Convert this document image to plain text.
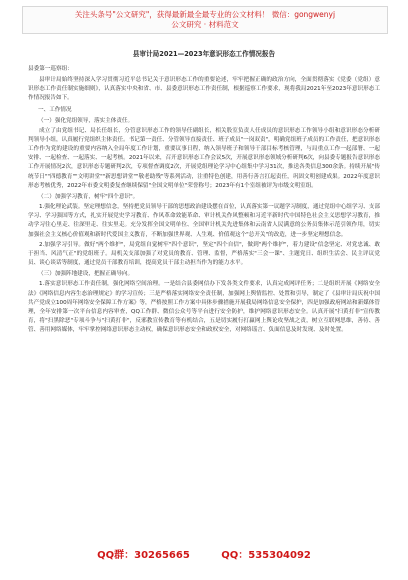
关注头条号"公文研究"，获得最新最全最专业的公文材料！ 微信：gongwenyj
公文研究 · 材料范文
县审计局2021—2023年意识形态工作情况报告
县委第一巡察组：
县审计局始终坚持深入学习贯彻习近平总书记关于意识形态工作的重要论述，牢牢把握正确的政治方向，全面贯彻落实《党委（党组）意识形态工作责任制实施细则》，认真落实中央和省、市、县委意识形态工作责任制，根据巡察工作要求，现将我局2021年至2023年意识形态工作情况报告如下。
一、工作情况
（一）强化党组领导，落实主体责任。
成立了由党组书记、局长任组长，分管意识形态工作的领导任副组长，相关股室负责人任成员的意识形态工作领导小组和意识形态分析研判领导小组，认真履行党组织主体责任。书记第一责任、分管领导直接责任、班子成员"一岗双责"，明确党组班子成员的工作责任，把意识形态工作作为党的建设的重要内容纳入全局年度工作计划，重要议事日程，纳入领导班子和领导干部目标考核管理，与局重点工作一起部署、一起安排、一起检查、一起落实、一起考核。2021年以来，召开意识形态工作会议5次，开展意识形态领域分析研判6次，向县委专题报告意识形态工作开展情况2次，意识形态专题研判2次，专项督查调度2次，开展党组理论学习中心组集中学习31次，推送各类信息300余条。持续开展"传统节日""四德教育""文明讲堂""新思想讲堂""敬老助残"等系列活动，注重特色创建，用善行善言扛起责任，巩固文明创建成果。2022年度意识形态考核优秀，2022年市委文明委复查继续保留"全国文明单位"荣誉称号；2023年有1个室组被评为市级文明室组。
（二）加强学习教育，树牢"四个意识"。
1.强化理论武装。坚定理想信念，坚持把党员领导干部的思想政治建设摆在首位，认真落实第一议题学习制度，通过党组中心组学习、支部学习、学习强国等方式，扎实开展党史学习教育、作风革命效能革命、审计机关作风整顿和习近平新时代中国特色社会主义思想学习教育，推动学习往心里走、往深里走、往实里走。充分发挥全国文明单位、全国审计机关先进集体和云南省人民满意的公务员集体示范引领作用，切实加强社会主义核心价值观和新时代爱国主义教育，不断加强世界观、人生观、价值观这个"总开关"的改造，进一步坚定理想信念。
2.加强学习引导。做好"两个维护"，局党组自觉树牢"四个意识"，坚定"四个自信"，做到"两个维护"，着力建设"信念坚定、对党忠诚、敢于担当、风清气正"的党组班子。局机关支部加强了对党员的教育、管理、监督，严格落实"三会一课"、主题党日、组织生活会、民主评议党员、谈心谈话等制度，通过党员干部教育培训，提高党员干部主动担当作为的能力水平。
（三）加强阵地建设，把握正确导向。
1.落实意识形态工作责任制，强化网络空间治理。一是结合县委网信办下发各类文件要求，认真完成网评任务；二是组织开展《网络安全法》《网络信息内容生态治理规定》的学习宣传；三是严格落实网络安全责任制，加强网上舆情监控、处置和引导，制定了《县审计局庆祝中国共产党成立100周年网络安全保障工作方案》等，严格按照工作方案中具体步骤措施开展我局网络信息安全保护，四是加强政府网站和新媒体管理，全年安排第一次平台信息内容审查，QQ工作群、微信公众号等平台进行安全防护，维护网络意识形态安全。认真开展"扫黄打非"宣传教育，将"扫黑除恶"专项斗争与"扫黄打非"，反邪教宣传教育等有机结合，五是切实履行打赢网上舆论攻坚战之责，树立互联网思维，善待、善管、善用网络媒体，牢牢掌控网络意识形态主动权，确保意识形态安全和政权安全，对网络谣言、负面信息及时发现、及时处置。
QQ群：30265665	QQ：535304092
